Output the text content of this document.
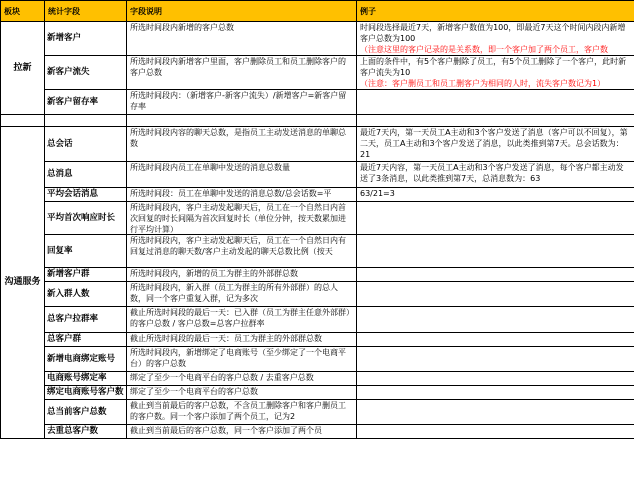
板块	统计字段	字段说明	例子
拉新	新增客户	所选时间段内新增的客户总数	时间段选择最近7天，新增客户数值为100，即最近7天这个时间内段内新增客户总数为100
（注意这里的客户记录的是关系数，即一个客户加了两个员工，客户数

	新客户流失	所选时间段内新增客户里面，客户删除员工和员工删除客户的客户总数	上面的条件中，有5个客户删除了员工，有5个员工删除了一个客户，此时新客户流失为10
（注意：客户删员工和员工删客户为相同的人时，流失客户数记为1）

	新客户留存率	所选时间段内：（新增客户-新客户流失）/新增客户=新客户留存率	

沟通服务	总会话	所选时间段内容的聊天总数，是指员工主动发送消息的单聊总数	最近7天内，第一天员工A主动和3个客户发送了消息（客户可以不回复），第二天，员工A主动和3个客户发送了消息，以此类推到第7天。总会话数为：21
	总消息	所选时间段内员工在单聊中发送的消息总数量	最近7天内容，第一天员工A主动和3个客户发送了消息，每个客户都主动发送了3条消息，以此类推到第7天，总消息数为：63
	平均会话消息	所选时间段：员工在单聊中发送的消息总数/总会话数=平	63/21=3
	平均首次响应时长	所选时间段内，客户主动发起聊天后，员工在一个自然日内首次回复的时长间隔为首次回复时长（单位分钟，按天数累加进行平均计算）	

	回复率	所选时间段内，客户主动发起聊天后，员工在一个自然日内有回复过消息的聊天数/客户主动发起的聊天总数比例（按天	

	新增客户群	所选时间段内，新增的员工为群主的外部群总数	
	新入群人数	所选时间段内，新入群（员工为群主的所有外部群）的总人数，同一个客户重复入群，记为多次	
	总客户拉群率	截止所选时间段的最后一天：已入群（员工为群主任意外部群）的客户总数 / 客户总数=总客户拉群率	
	总客户群	截止所选时间段的最后一天：员工为群主的外部群总数	
	新增电商绑定账号	所选时间段内，新增绑定了电商账号（至少绑定了一个电商平台）的客户总数	
	电商账号绑定率	绑定了至少一个电商平台的客户总数 / 去重客户总数	
	绑定电商账号客户数	绑定了至少一个电商平台的客户总数	
	总当前客户总数	截止到当前最后的客户总数，不含员工删除客户和客户删员工的客户数。同一个客户添加了两个员工，记为2	
	去重总客户数	截止到当前最后的客户总数，同一个客户添加了两个员	
